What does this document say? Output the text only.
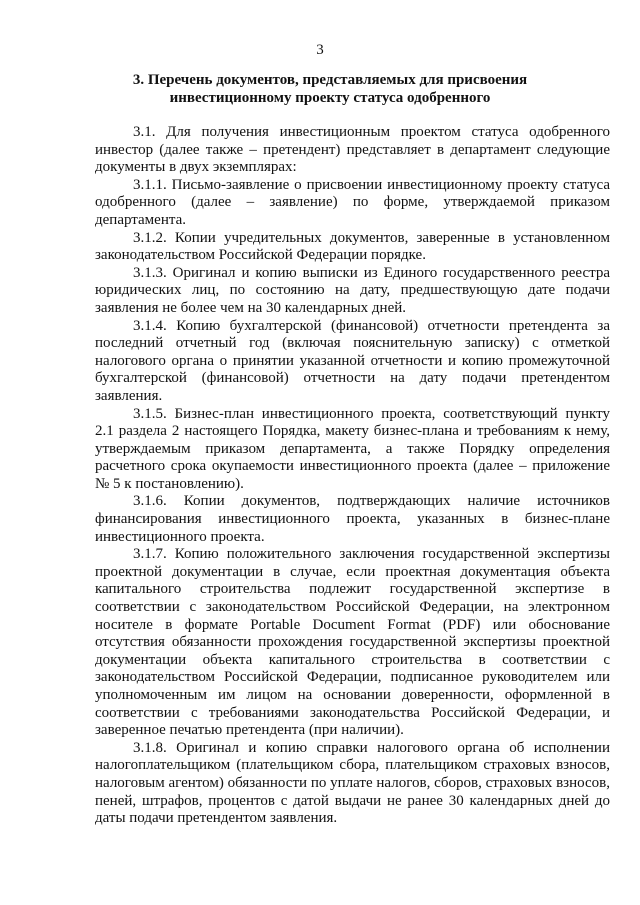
3
3. Перечень документов, представляемых для присвоения
инвестиционному проекту статуса одобренного

3.1. Для получения инвестиционным проектом статуса одобренного инвестор (далее также – претендент) представляет в департамент следующие документы в двух экземплярах:

3.1.1. Письмо-заявление о присвоении инвестиционному проекту статуса одобренного (далее – заявление) по форме, утверждаемой приказом департамента.

3.1.2. Копии учредительных документов, заверенные в установленном законодательством Российской Федерации порядке.

3.1.3. Оригинал и копию выписки из Единого государственного реестра юридических лиц, по состоянию на дату, предшествующую дате подачи заявления не более чем на 30 календарных дней.

3.1.4. Копию бухгалтерской (финансовой) отчетности претендента за последний отчетный год (включая пояснительную записку) с отметкой налогового органа о принятии указанной отчетности и копию промежуточной бухгалтерской (финансовой) отчетности на дату подачи претендентом заявления.

3.1.5. Бизнес-план инвестиционного проекта, соответствующий пункту 2.1 раздела 2 настоящего Порядка, макету бизнес-плана и требованиям к нему, утверждаемым приказом департамента, а также Порядку определения расчетного срока окупаемости инвестиционного проекта (далее – приложение № 5 к постановлению).

3.1.6. Копии документов, подтверждающих наличие источников финансирования инвестиционного проекта, указанных в бизнес-плане инвестиционного проекта.

3.1.7. Копию положительного заключения государственной экспертизы проектной документации в случае, если проектная документация объекта капитального строительства подлежит государственной экспертизе в соответствии с законодательством Российской Федерации, на электронном носителе в формате Portable Document Format (PDF) или обоснование отсутствия обязанности прохождения государственной экспертизы проектной документации объекта капитального строительства в соответствии с законодательством Российской Федерации, подписанное руководителем или уполномоченным им лицом на основании доверенности, оформленной в соответствии с требованиями законодательства Российской Федерации, и заверенное печатью претендента (при наличии).

3.1.8. Оригинал и копию справки налогового органа об исполнении налогоплательщиком (плательщиком сбора, плательщиком страховых взносов, налоговым агентом) обязанности по уплате налогов, сборов, страховых взносов, пеней, штрафов, процентов с датой выдачи не ранее 30 календарных дней до даты подачи претендентом заявления.
